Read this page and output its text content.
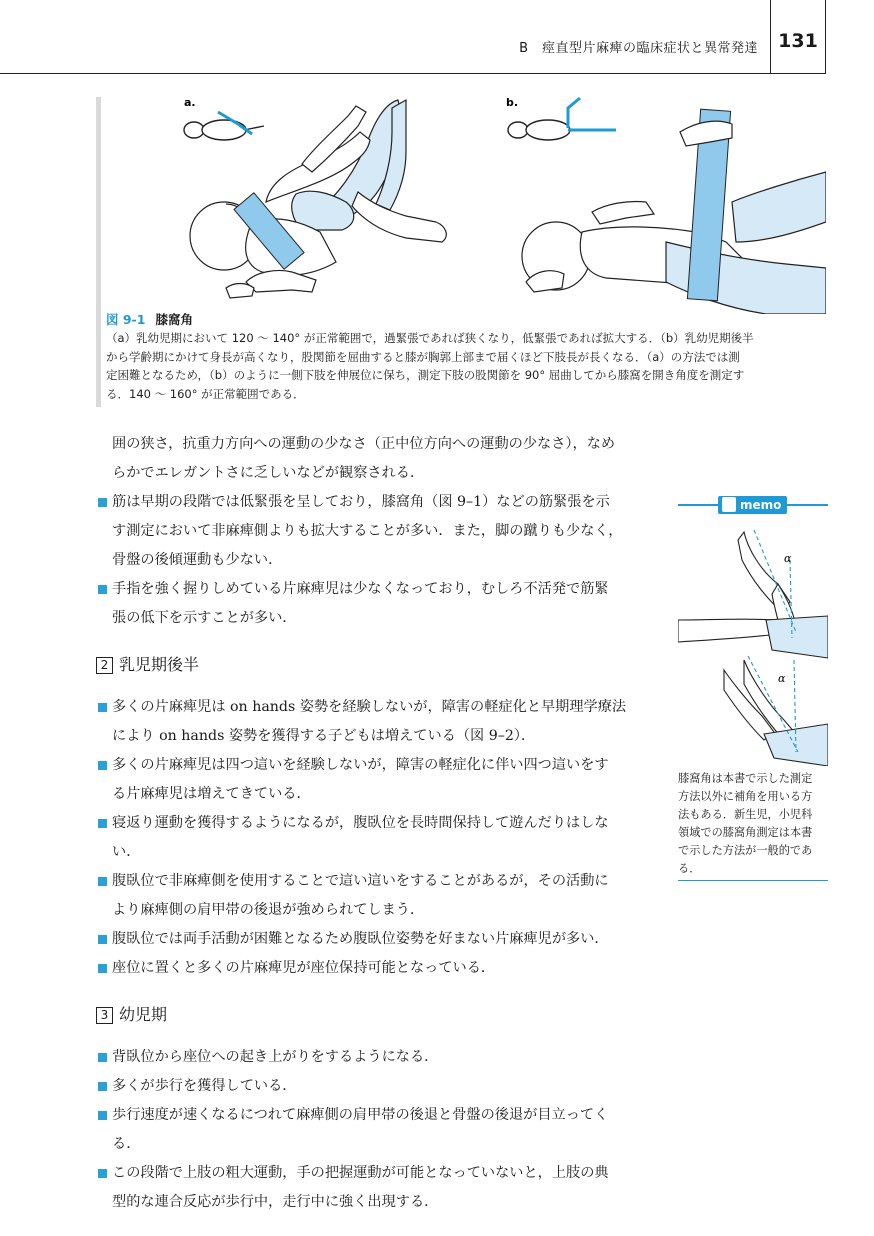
B　痙直型片麻痺の臨床症状と異常発達	131
a.	b.
図 9-1 膝窩角
（a）乳幼児期において 120 ～ 140° が正常範囲で，過緊張であれば狭くなり，低緊張であれば拡大する．（b）乳幼児期後半
から学齢期にかけて身長が高くなり，股関節を屈曲すると膝が胸郭上部まで届くほど下肢長が長くなる．（a）の方法では測
定困難となるため，（b）のように一側下肢を伸展位に保ち，測定下肢の股関節を 90° 屈曲してから膝窩を開き角度を測定す
る．140 ～ 160° が正常範囲である．
囲の狭さ，抗重力方向への運動の少なさ（正中位方向への運動の少なさ），なめ
らかでエレガントさに乏しいなどが観察される．
筋は早期の段階では低緊張を呈しており，膝窩角（図 9–1）などの筋緊張を示
す測定において非麻痺側よりも拡大することが多い．また，脚の蹴りも少なく，
骨盤の後傾運動も少ない．
手指を強く握りしめている片麻痺児は少なくなっており，むしろ不活発で筋緊
張の低下を示すことが多い．
2 乳児期後半
多くの片麻痺児は on hands 姿勢を経験しないが，障害の軽症化と早期理学療法
により on hands 姿勢を獲得する子どもは増えている（図 9–2）．
多くの片麻痺児は四つ這いを経験しないが，障害の軽症化に伴い四つ這いをす
る片麻痺児は増えてきている．
寝返り運動を獲得するようになるが，腹臥位を長時間保持して遊んだりはしな
い．
腹臥位で非麻痺側を使用することで這い這いをすることがあるが，その活動に
より麻痺側の肩甲帯の後退が強められてしまう．
腹臥位では両手活動が困難となるため腹臥位姿勢を好まない片麻痺児が多い．
座位に置くと多くの片麻痺児が座位保持可能となっている．
3 幼児期
背臥位から座位への起き上がりをするようになる．
多くが歩行を獲得している．
歩行速度が速くなるにつれて麻痺側の肩甲帯の後退と骨盤の後退が目立ってく
る．
この段階で上肢の粗大運動，手の把握運動が可能となっていないと，上肢の典
型的な連合反応が歩行中，走行中に強く出現する．
memo
α
α
膝窩角は本書で示した測定
方法以外に補角を用いる方
法もある．新生児，小児科
領域での膝窩角測定は本書
で示した方法が一般的であ
る．
